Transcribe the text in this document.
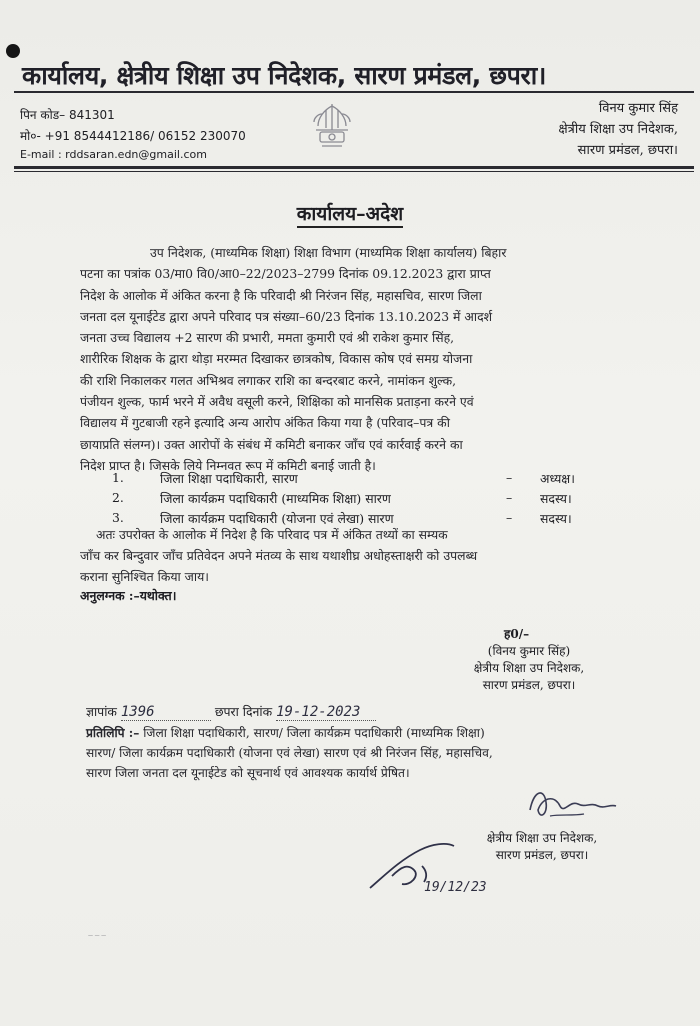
कार्यालय, क्षेत्रीय शिक्षा उप निदेशक, सारण प्रमंडल, छपरा।
पिन कोड– 841301
मो०- +91 8544412186/ 06152 230070
E-mail : rddsaran.edn@gmail.com
विनय कुमार सिंह
क्षेत्रीय शिक्षा उप निदेशक,
सारण प्रमंडल, छपरा।
कार्यालय–अदेश
उप निदेशक, (माध्यमिक शिक्षा) शिक्षा विभाग (माध्यमिक शिक्षा कार्यालय) बिहार
पटना का पत्रांक 03/मा0 वि0/आ0–22/2023–2799 दिनांक 09.12.2023 द्वारा प्राप्त
निदेश के आलोक में अंकित करना है कि परिवादी श्री निरंजन सिंह, महासचिव, सारण जिला
जनता दल यूनाईटेड द्वारा अपने परिवाद पत्र संख्या–60/23 दिनांक 13.10.2023 में आदर्श
जनता उच्च विद्यालय +2 सारण की प्रभारी, ममता कुमारी एवं श्री राकेश कुमार सिंह,
शारीरिक शिक्षक के द्वारा थोड़ा मरम्मत दिखाकर छात्रकोष, विकास कोष एवं समग्र योजना
की राशि निकालकर गलत अभिश्रव लगाकर राशि का बन्दरबाट करने, नामांकन शुल्क,
पंजीयन शुल्क, फार्म भरने में अवैध वसूली करने, शिक्षिका को मानसिक प्रताड़ना करने एवं
विद्यालय में गुटबाजी रहने इत्यादि अन्य आरोप अंकित किया गया है (परिवाद–पत्र की
छायाप्रति संलग्न)। उक्त आरोपों के संबंध में कमिटी बनाकर जाँच एवं कार्रवाई करने का
निदेश प्राप्त है। जिसके लिये निम्नवत रूप में कमिटी बनाई जाती है।
1.	जिला शिक्षा पदाधिकारी, सारण	– अध्यक्ष।
2.	जिला कार्यक्रम पदाधिकारी (माध्यमिक शिक्षा) सारण	– सदस्य।
3.	जिला कार्यक्रम पदाधिकारी (योजना एवं लेखा) सारण	– सदस्य।
अतः उपरोक्त के आलोक में निदेश है कि परिवाद पत्र में अंकित तथ्यों का सम्यक
जाँच कर बिन्दुवार जाँच प्रतिवेदन अपने मंतव्य के साथ यथाशीघ्र अधोहस्ताक्षरी को उपलब्ध
कराना सुनिश्चित किया जाय।
अनुलग्नक :–यथोक्त।
ह0/–
(विनय कुमार सिंह)
क्षेत्रीय शिक्षा उप निदेशक,
सारण प्रमंडल, छपरा।
ज्ञापांक 1396	छपरा दिनांक 19-12-2023
प्रतिलिपि :– जिला शिक्षा पदाधिकारी, सारण/ जिला कार्यक्रम पदाधिकारी (माध्यमिक शिक्षा)
सारण/ जिला कार्यक्रम पदाधिकारी (योजना एवं लेखा) सारण एवं श्री निरंजन सिंह, महासचिव,
सारण जिला जनता दल यूनाईटेड को सूचनार्थ एवं आवश्यक कार्यार्थ प्रेषित।
क्षेत्रीय शिक्षा उप निदेशक,
सारण प्रमंडल, छपरा।
19/12/23
— — —
